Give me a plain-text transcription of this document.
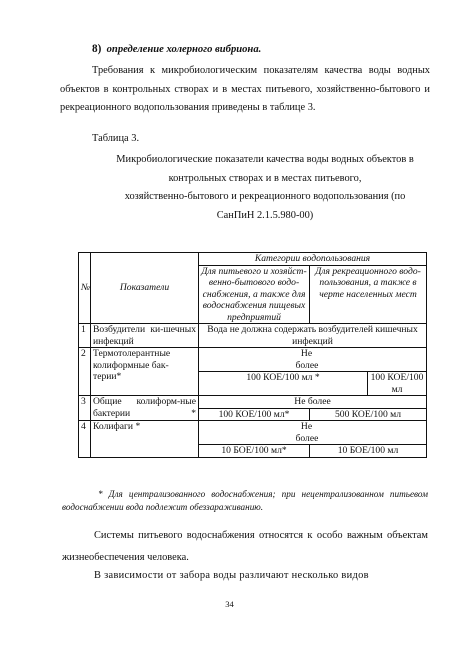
8) определение холерного вибриона.

Требования к микробиологическим показателям качества воды водных объектов в контрольных створах и в местах питьевого, хозяйственно-бытового и рекреационного водопользования приведены в таблице 3.

Таблица 3.

Микробиологические показатели качества воды водных объектов в
контрольных створах и в местах питьевого,
хозяйственно-бытового и рекреационного водопользования (по
СанПиН 2.1.5.980-00)
№	Показатели	Категории водопользования		
		Для питьевого и хозяйст-венно-бытового водо-снабжения, а также для водоснабжения пищевых предприятий	Для рекреационного водо-пользования, а также в черте населенных мест	
1	Возбудители ки-шечных инфекций	Вода не должна содержать возбудителей кишечных инфекций		
2	Термотолерантные колиформные бак-терии*		Не более	

		100 КОЕ/100 мл *		100 КОЕ/100 мл
3	Общие колиформ-ные бактерии *	Не более		
		100 КОЕ/100 мл*	500 КОЕ/100 мл	
4	Колифаги *		Не более	

		10 БОЕ/100 мл*	10 БОЕ/100 мл	

* Для централизованного водоснабжения; при нецентрализованном питьевом водоснабжении вода подлежит обеззараживанию.

Системы питьевого водоснабжения относятся к особо важным объектам жизнеобеспечения человека.

В зависимости от забора воды различают несколько видов

34
